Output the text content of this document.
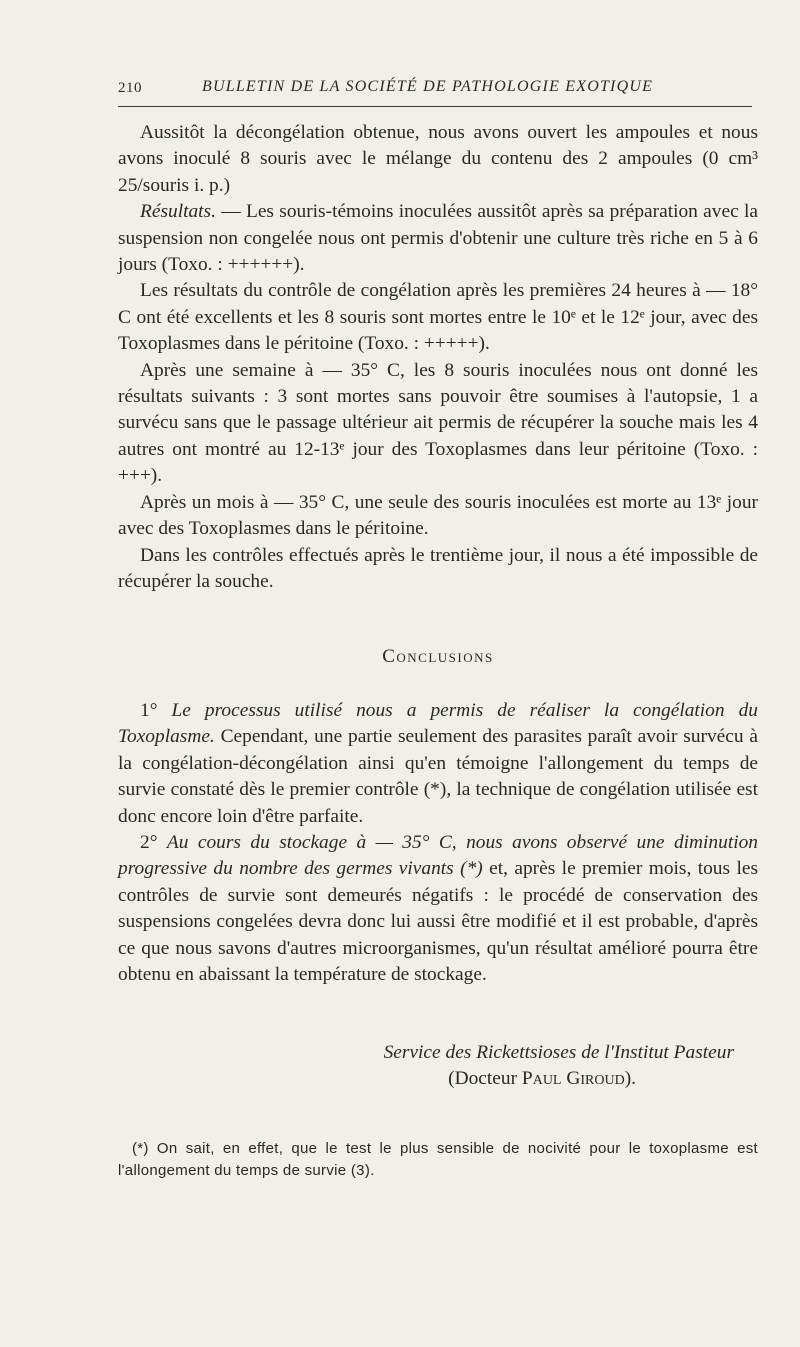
210	BULLETIN DE LA SOCIÉTÉ DE PATHOLOGIE EXOTIQUE

Aussitôt la décongélation obtenue, nous avons ouvert les ampoules et nous avons inoculé 8 souris avec le mélange du contenu des 2 ampoules (0 cm³ 25/souris i. p.)

Résultats. — Les souris-témoins inoculées aussitôt après sa préparation avec la suspension non congelée nous ont permis d'obtenir une culture très riche en 5 à 6 jours (Toxo. : ++++++).

Les résultats du contrôle de congélation après les premières 24 heures à — 18° C ont été excellents et les 8 souris sont mortes entre le 10ᵉ et le 12ᵉ jour, avec des Toxoplasmes dans le péritoine (Toxo. : +++++).

Après une semaine à — 35° C, les 8 souris inoculées nous ont donné les résultats suivants : 3 sont mortes sans pouvoir être soumises à l'autopsie, 1 a survécu sans que le passage ultérieur ait permis de récupérer la souche mais les 4 autres ont montré au 12-13ᵉ jour des Toxoplasmes dans leur péritoine (Toxo. : +++).

Après un mois à — 35° C, une seule des souris inoculées est morte au 13ᵉ jour avec des Toxoplasmes dans le péritoine.

Dans les contrôles effectués après le trentième jour, il nous a été impossible de récupérer la souche.

Conclusions

1° Le processus utilisé nous a permis de réaliser la congélation du Toxoplasme. Cependant, une partie seulement des parasites paraît avoir survécu à la congélation-décongélation ainsi qu'en témoigne l'allongement du temps de survie constaté dès le premier contrôle (*), la technique de congélation utilisée est donc encore loin d'être parfaite.

2° Au cours du stockage à — 35° C, nous avons observé une diminution progressive du nombre des germes vivants (*) et, après le premier mois, tous les contrôles de survie sont demeurés négatifs : le procédé de conservation des suspensions congelées devra donc lui aussi être modifié et il est probable, d'après ce que nous savons d'autres microorganismes, qu'un résultat amélioré pourra être obtenu en abaissant la température de stockage.

Service des Rickettsioses de l'Institut Pasteur
(Docteur Paul Giroud).
(*) On sait, en effet, que le test le plus sensible de nocivité pour le toxoplasme est l'allongement du temps de survie (3).
